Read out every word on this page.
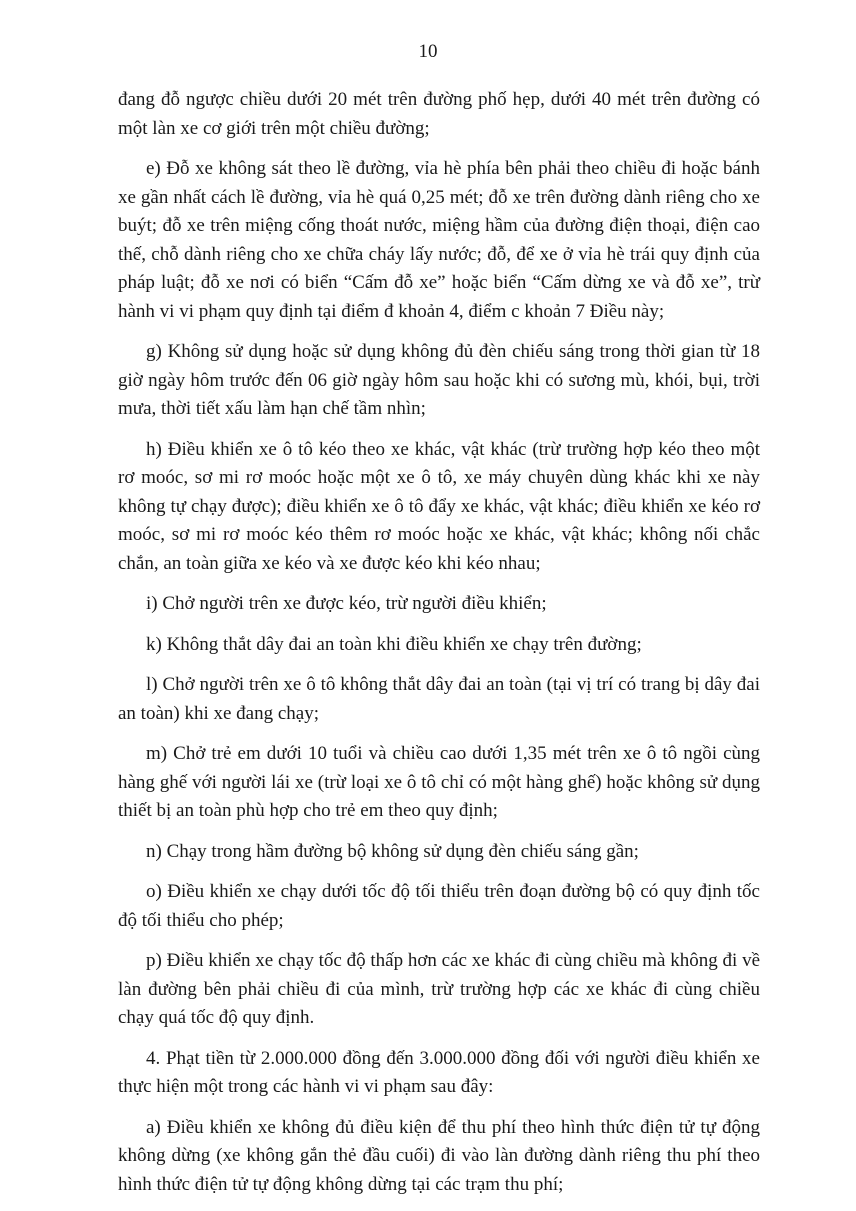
10

đang đỗ ngược chiều dưới 20 mét trên đường phố hẹp, dưới 40 mét trên đường có một làn xe cơ giới trên một chiều đường;

e) Đỗ xe không sát theo lề đường, vỉa hè phía bên phải theo chiều đi hoặc bánh xe gần nhất cách lề đường, vỉa hè quá 0,25 mét; đỗ xe trên đường dành riêng cho xe buýt; đỗ xe trên miệng cống thoát nước, miệng hầm của đường điện thoại, điện cao thế, chỗ dành riêng cho xe chữa cháy lấy nước; đỗ, để xe ở vỉa hè trái quy định của pháp luật; đỗ xe nơi có biển “Cấm đỗ xe” hoặc biển “Cấm dừng xe và đỗ xe”, trừ hành vi vi phạm quy định tại điểm đ khoản 4, điểm c khoản 7 Điều này;

g) Không sử dụng hoặc sử dụng không đủ đèn chiếu sáng trong thời gian từ 18 giờ ngày hôm trước đến 06 giờ ngày hôm sau hoặc khi có sương mù, khói, bụi, trời mưa, thời tiết xấu làm hạn chế tầm nhìn;

h) Điều khiển xe ô tô kéo theo xe khác, vật khác (trừ trường hợp kéo theo một rơ moóc, sơ mi rơ moóc hoặc một xe ô tô, xe máy chuyên dùng khác khi xe này không tự chạy được); điều khiển xe ô tô đẩy xe khác, vật khác; điều khiển xe kéo rơ moóc, sơ mi rơ moóc kéo thêm rơ moóc hoặc xe khác, vật khác; không nối chắc chắn, an toàn giữa xe kéo và xe được kéo khi kéo nhau;

i) Chở người trên xe được kéo, trừ người điều khiển;

k) Không thắt dây đai an toàn khi điều khiển xe chạy trên đường;

l) Chở người trên xe ô tô không thắt dây đai an toàn (tại vị trí có trang bị dây đai an toàn) khi xe đang chạy;

m) Chở trẻ em dưới 10 tuổi và chiều cao dưới 1,35 mét trên xe ô tô ngồi cùng hàng ghế với người lái xe (trừ loại xe ô tô chỉ có một hàng ghế) hoặc không sử dụng thiết bị an toàn phù hợp cho trẻ em theo quy định;

n) Chạy trong hầm đường bộ không sử dụng đèn chiếu sáng gần;

o) Điều khiển xe chạy dưới tốc độ tối thiểu trên đoạn đường bộ có quy định tốc độ tối thiểu cho phép;

p) Điều khiển xe chạy tốc độ thấp hơn các xe khác đi cùng chiều mà không đi về làn đường bên phải chiều đi của mình, trừ trường hợp các xe khác đi cùng chiều chạy quá tốc độ quy định.

4. Phạt tiền từ 2.000.000 đồng đến 3.000.000 đồng đối với người điều khiển xe thực hiện một trong các hành vi vi phạm sau đây:

a) Điều khiển xe không đủ điều kiện để thu phí theo hình thức điện tử tự động không dừng (xe không gắn thẻ đầu cuối) đi vào làn đường dành riêng thu phí theo hình thức điện tử tự động không dừng tại các trạm thu phí;
